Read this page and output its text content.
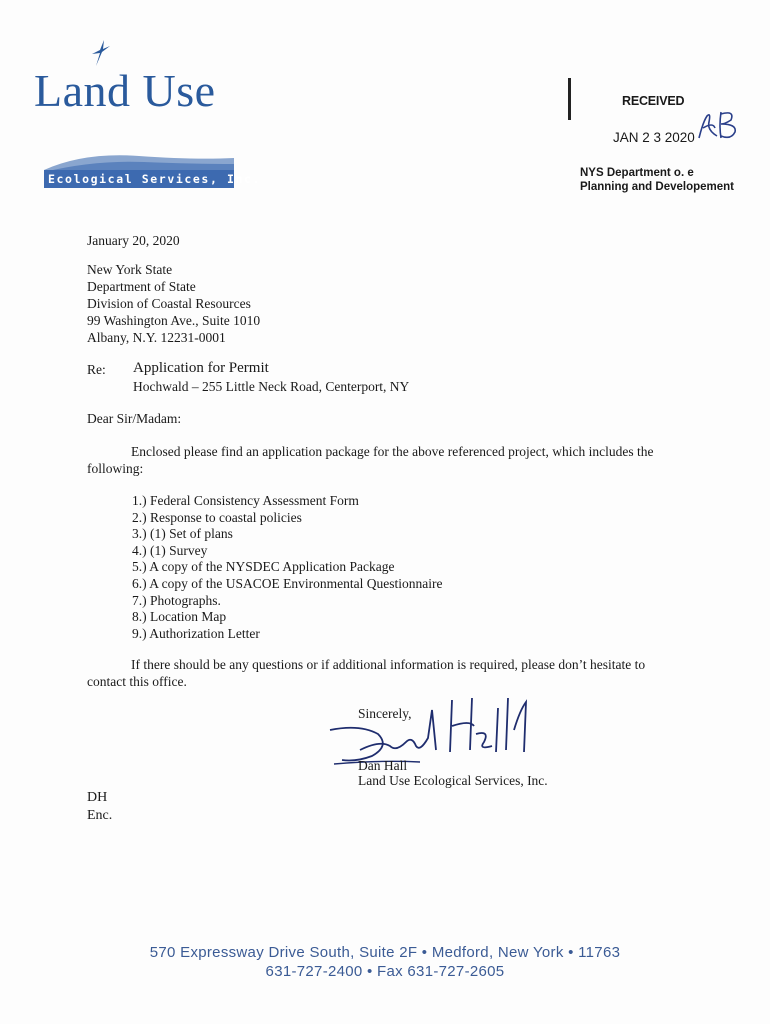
Land Use
Ecological Services, Inc.
RECEIVED
JAN 2 3 2020
NYS Department o. e
Planning and Developement
January 20, 2020
New York State
Department of State
Division of Coastal Resources
99 Washington Ave., Suite 1010
Albany, N.Y. 12231-0001
Re: Application for Permit
Hochwald – 255 Little Neck Road, Centerport, NY
Dear Sir/Madam:
Enclosed please find an application package for the above referenced project, which includes the
following:
1.) Federal Consistency Assessment Form
2.) Response to coastal policies
3.) (1) Set of plans
4.) (1) Survey
5.) A copy of the NYSDEC Application Package
6.) A copy of the USACOE Environmental Questionnaire
7.) Photographs.
8.) Location Map
9.) Authorization Letter
If there should be any questions or if additional information is required, please don’t hesitate to
contact this office.
Sincerely,
Dan Hall
Land Use Ecological Services, Inc.
DH
Enc.
570 Expressway Drive South, Suite 2F • Medford, New York • 11763
631-727-2400 • Fax 631-727-2605
